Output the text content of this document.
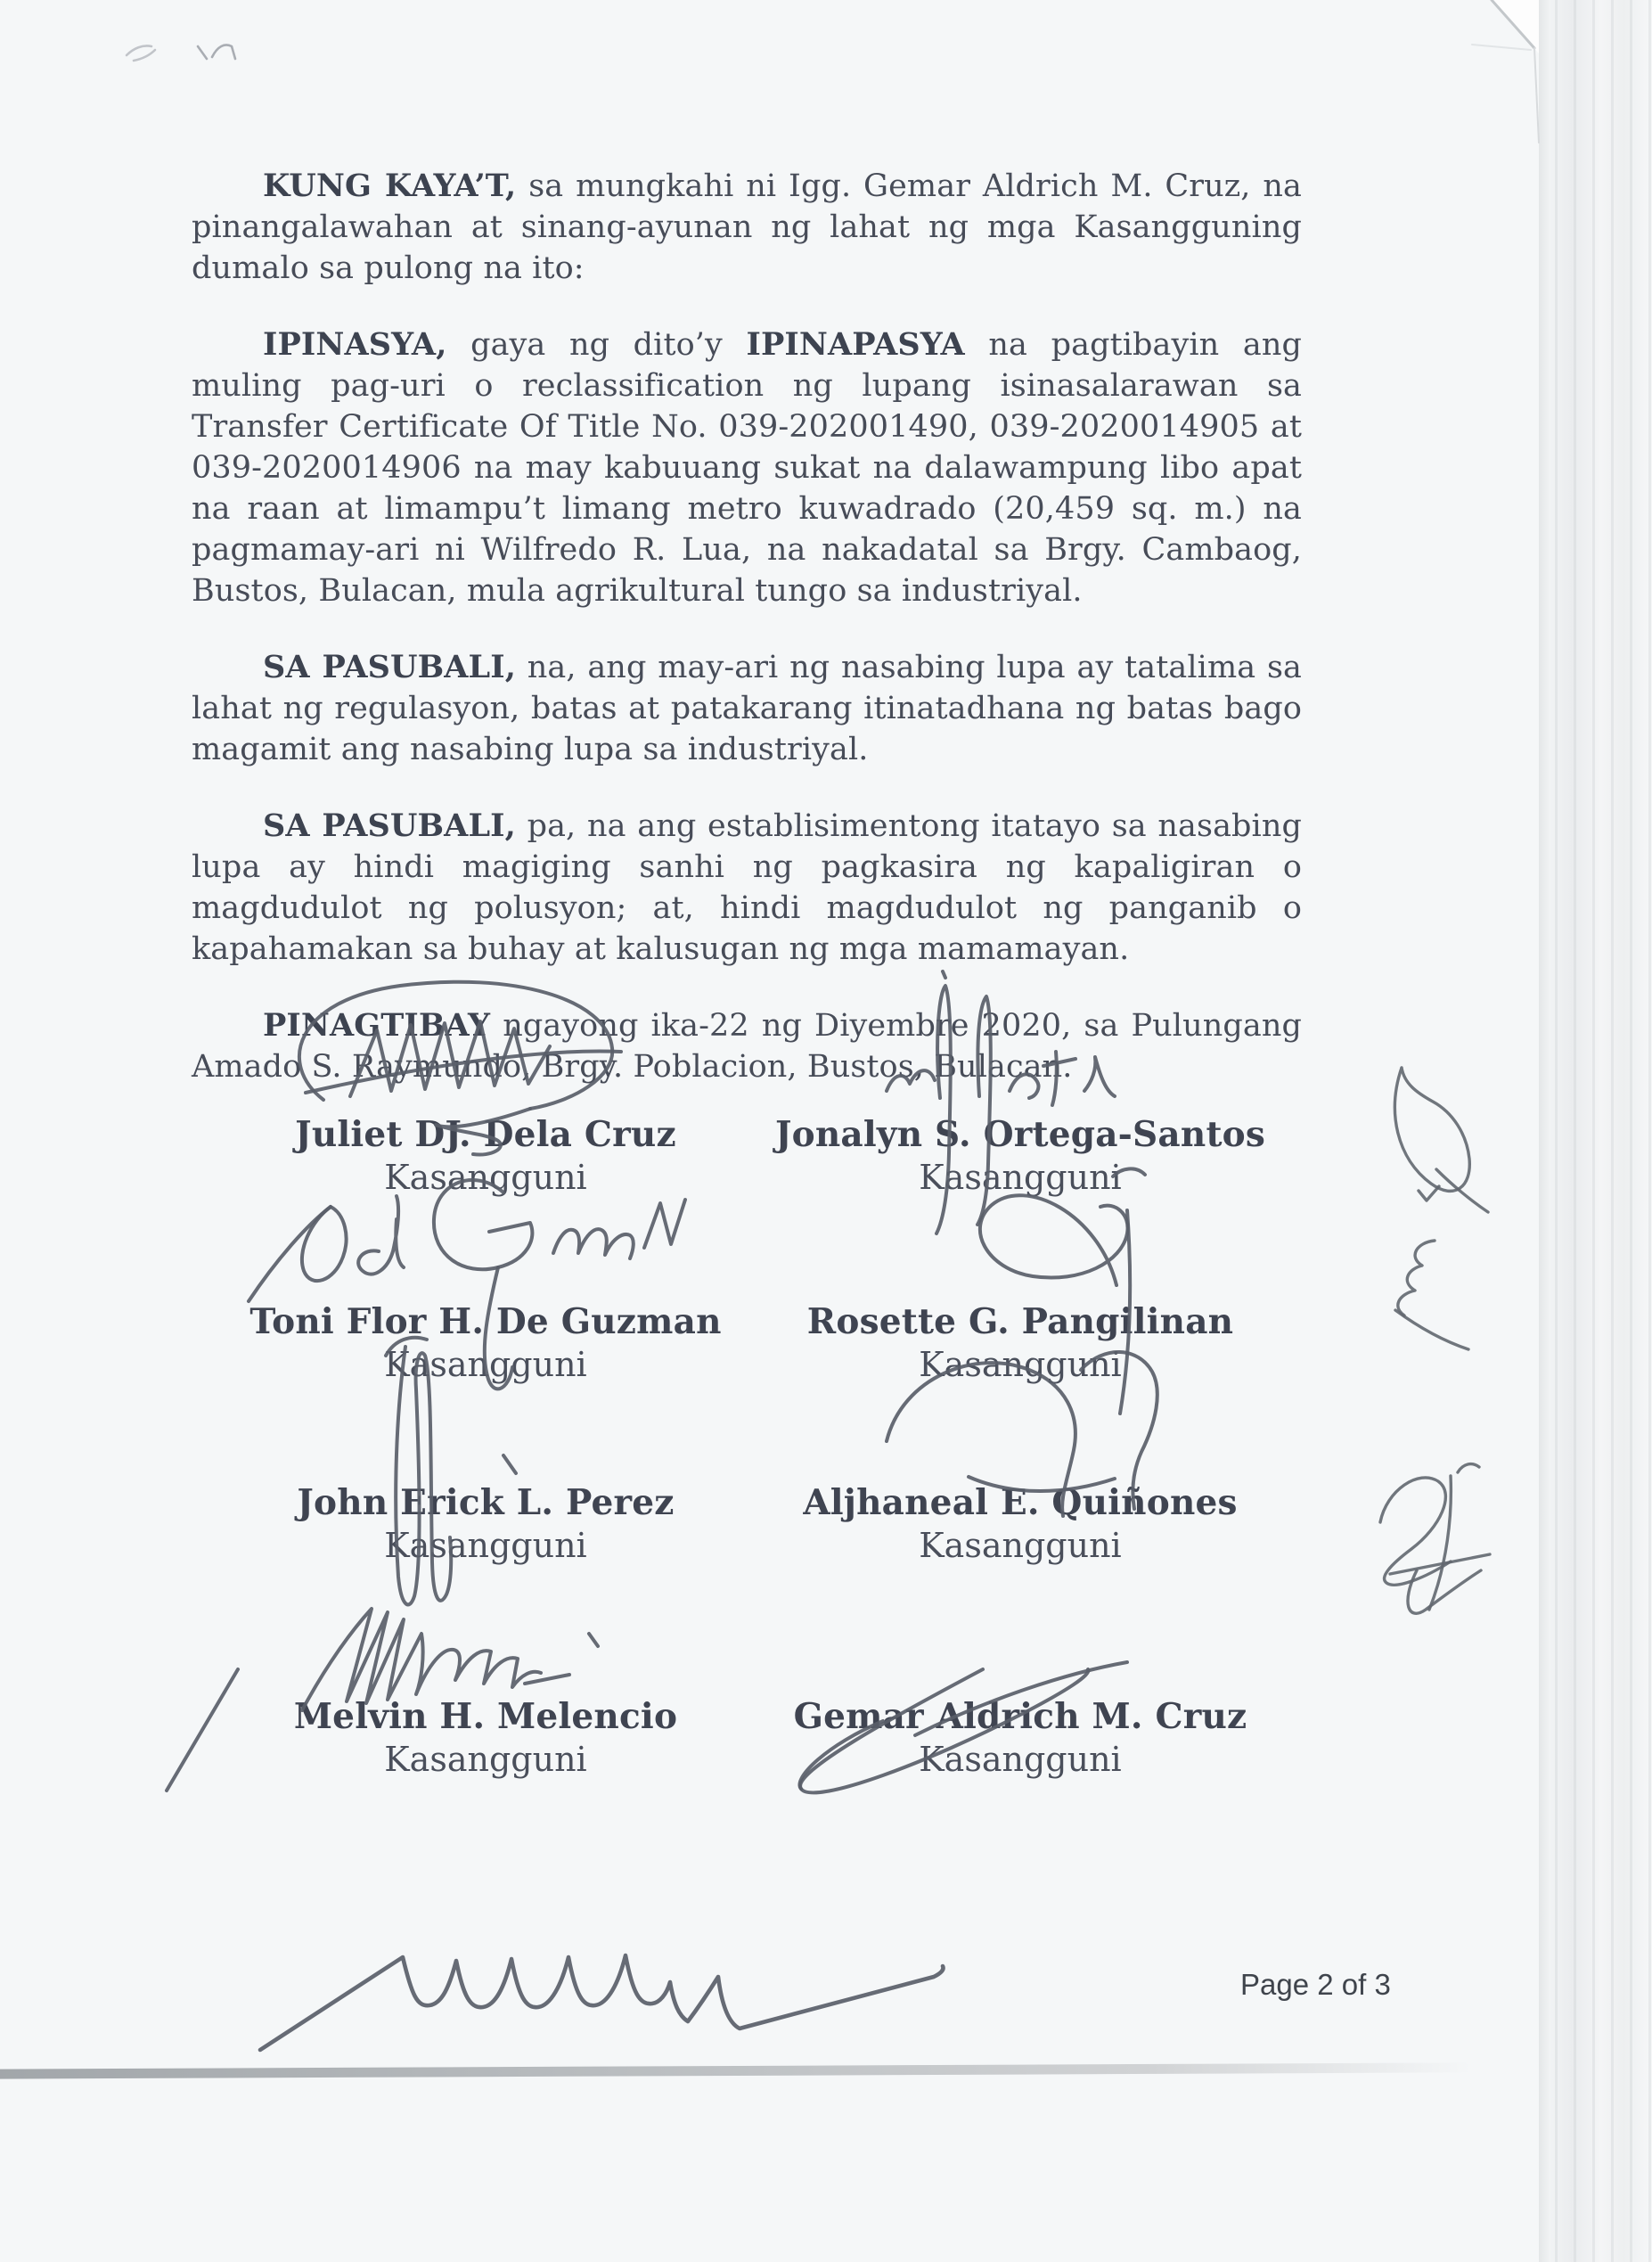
KUNG KAYA’T, sa mungkahi ni Igg. Gemar Aldrich M. Cruz, na pinangalawahan at sinang-ayunan ng lahat ng mga Kasangguning dumalo sa pulong na ito:

IPINASYA, gaya ng dito’y IPINAPASYA na pagtibayin ang muling pag-uri o reclassification ng lupang isinasalarawan sa Transfer Certificate Of Title No. 039-202001490, 039-2020014905 at 039-2020014906 na may kabuuang sukat na dalawampung libo apat na raan at limampu’t limang metro kuwadrado (20,459 sq. m.) na pagmamay-ari ni Wilfredo R. Lua, na nakadatal sa Brgy. Cambaog, Bustos, Bulacan, mula agrikultural tungo sa industriyal.

SA PASUBALI, na, ang may-ari ng nasabing lupa ay tatalima sa lahat ng regulasyon, batas at patakarang itinatadhana ng batas bago magamit ang nasabing lupa sa industriyal.

SA PASUBALI, pa, na ang establisimentong itatayo sa nasabing lupa ay hindi magiging sanhi ng pagkasira ng kapaligiran o magdudulot ng polusyon; at, hindi magdudulot ng panganib o kapahamakan sa buhay at kalusugan ng mga mamamayan.

PINAGTIBAY ngayong ika-22 ng Diyembre 2020, sa Pulungang Amado S. Raymundo, Brgy. Poblacion, Bustos, Bulacan.

Juliet DJ. Dela Cruz
Kasangguni
Jonalyn S. Ortega-Santos
Kasangguni
Toni Flor H. De Guzman
Kasangguni
Rosette G. Pangilinan
Kasangguni
John Erick L. Perez
Kasangguni
Aljhaneal E. Quiñones
Kasangguni
Melvin H. Melencio
Kasangguni
Gemar Aldrich M. Cruz
Kasangguni
Page 2 of 3
